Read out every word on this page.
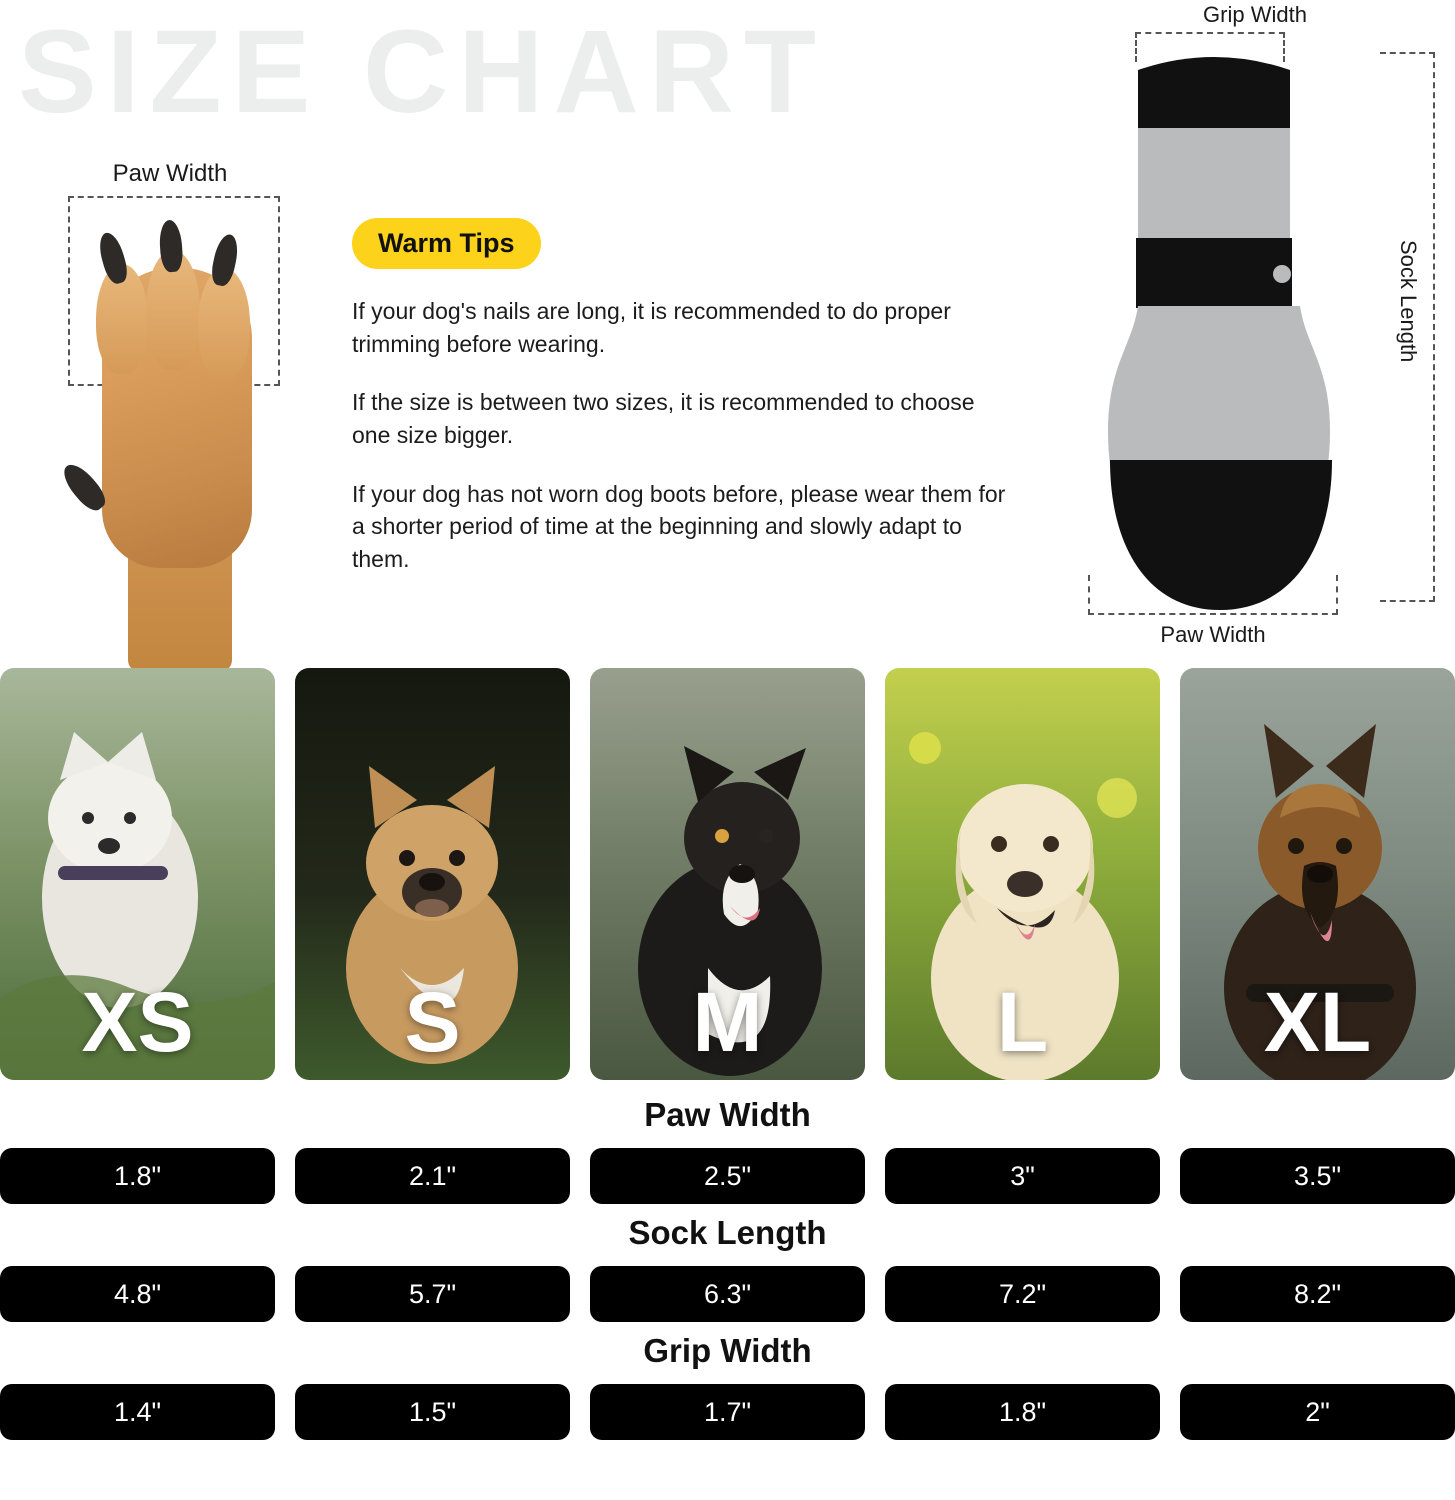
SIZE CHART
Paw Width
Warm Tips

If your dog's nails are long, it is recommended to do proper trimming before wearing.

If the size is between two sizes, it is recommended to choose one size bigger.

If your dog has not worn dog boots before, please wear them for a shorter period of time at the beginning and slowly adapt to them.

Grip Width
Sock Length
Paw Width
XS	S	M	L	XL
Paw Width
1.8"	2.1"	2.5"	3"	3.5"
Sock Length
4.8"	5.7"	6.3"	7.2"	8.2"
Grip Width
1.4"	1.5"	1.7"	1.8"	2"
